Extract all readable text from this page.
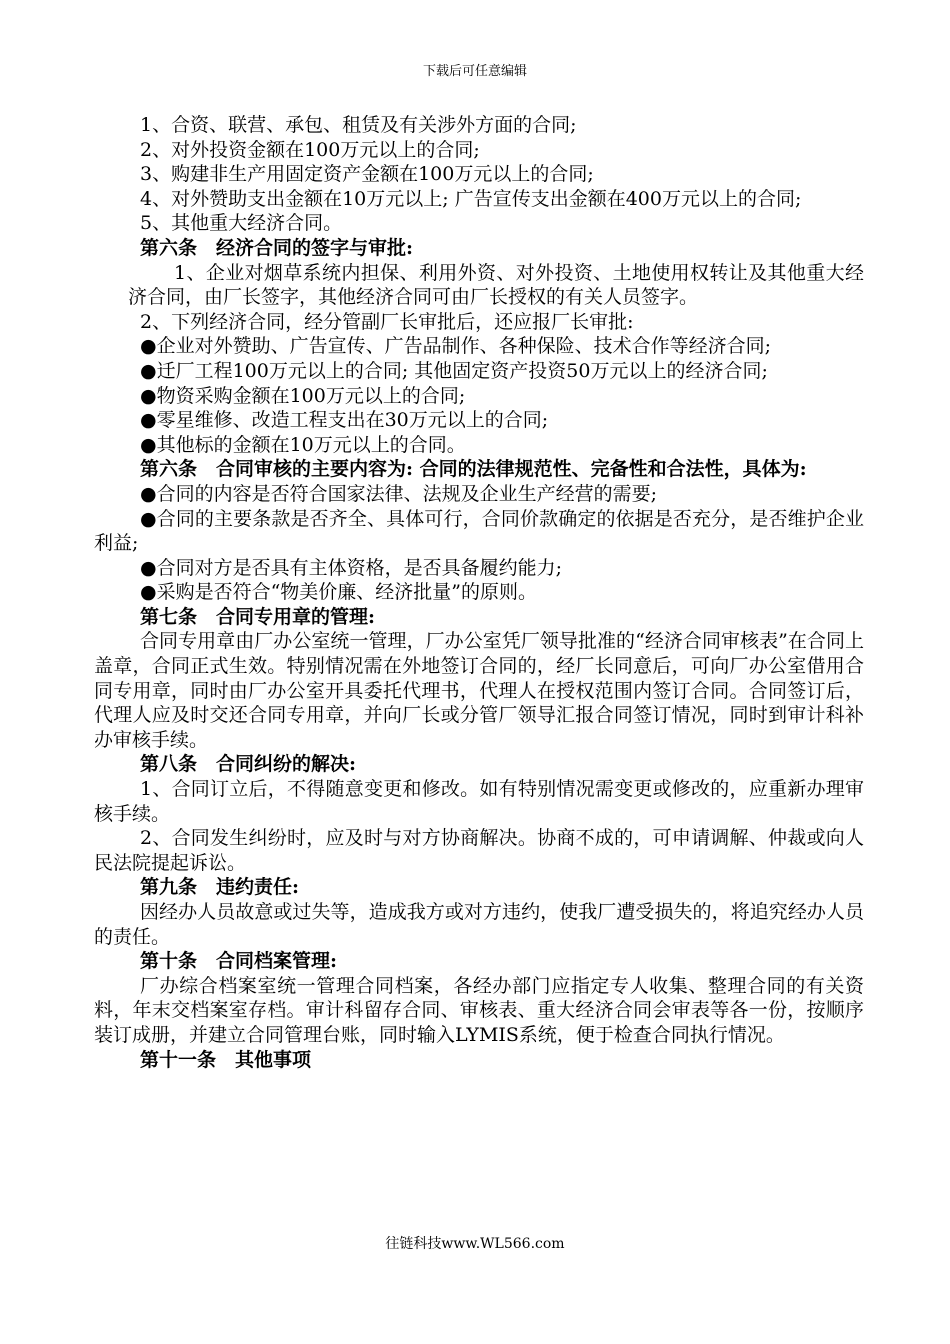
下载后可任意编辑

1、合资、联营、承包、租赁及有关涉外方面的合同;

2、对外投资金额在100万元以上的合同;

3、购建非生产用固定资产金额在100万元以上的合同;

4、对外赞助支出金额在10万元以上; 广告宣传支出金额在400万元以上的合同;

5、其他重大经济合同。

第六条　经济合同的签字与审批:

1、企业对烟草系统内担保、利用外资、对外投资、土地使用权转让及其他重大经济合同，由厂长签字，其他经济合同可由厂长授权的有关人员签字。

2、下列经济合同，经分管副厂长审批后，还应报厂长审批:

●企业对外赞助、广告宣传、广告品制作、各种保险、技术合作等经济合同;

●迁厂工程100万元以上的合同; 其他固定资产投资50万元以上的经济合同;

●物资采购金额在100万元以上的合同;

●零星维修、改造工程支出在30万元以上的合同;

●其他标的金额在10万元以上的合同。

第六条　合同审核的主要内容为: 合同的法律规范性、完备性和合法性，具体为:

●合同的内容是否符合国家法律、法规及企业生产经营的需要;

●合同的主要条款是否齐全、具体可行，合同价款确定的依据是否充分，是否维护企业利益;

●合同对方是否具有主体资格，是否具备履约能力;

●采购是否符合“物美价廉、经济批量”的原则。

第七条　合同专用章的管理:

合同专用章由厂办公室统一管理，厂办公室凭厂领导批准的“经济合同审核表”在合同上盖章，合同正式生效。特别情况需在外地签订合同的，经厂长同意后，可向厂办公室借用合同专用章，同时由厂办公室开具委托代理书，代理人在授权范围内签订合同。合同签订后，代理人应及时交还合同专用章，并向厂长或分管厂领导汇报合同签订情况，同时到审计科补办审核手续。

第八条　合同纠纷的解决:

1、合同订立后，不得随意变更和修改。如有特别情况需变更或修改的，应重新办理审核手续。

2、合同发生纠纷时，应及时与对方协商解决。协商不成的，可申请调解、仲裁或向人民法院提起诉讼。

第九条　违约责任:

因经办人员故意或过失等，造成我方或对方违约，使我厂遭受损失的，将追究经办人员的责任。

第十条　合同档案管理:

厂办综合档案室统一管理合同档案，各经办部门应指定专人收集、整理合同的有关资料，年末交档案室存档。审计科留存合同、审核表、重大经济合同会审表等各一份，按顺序装订成册，并建立合同管理台账，同时输入LYMIS系统，便于检查合同执行情况。

第十一条　其他事项

往链科技www.WL566.com
